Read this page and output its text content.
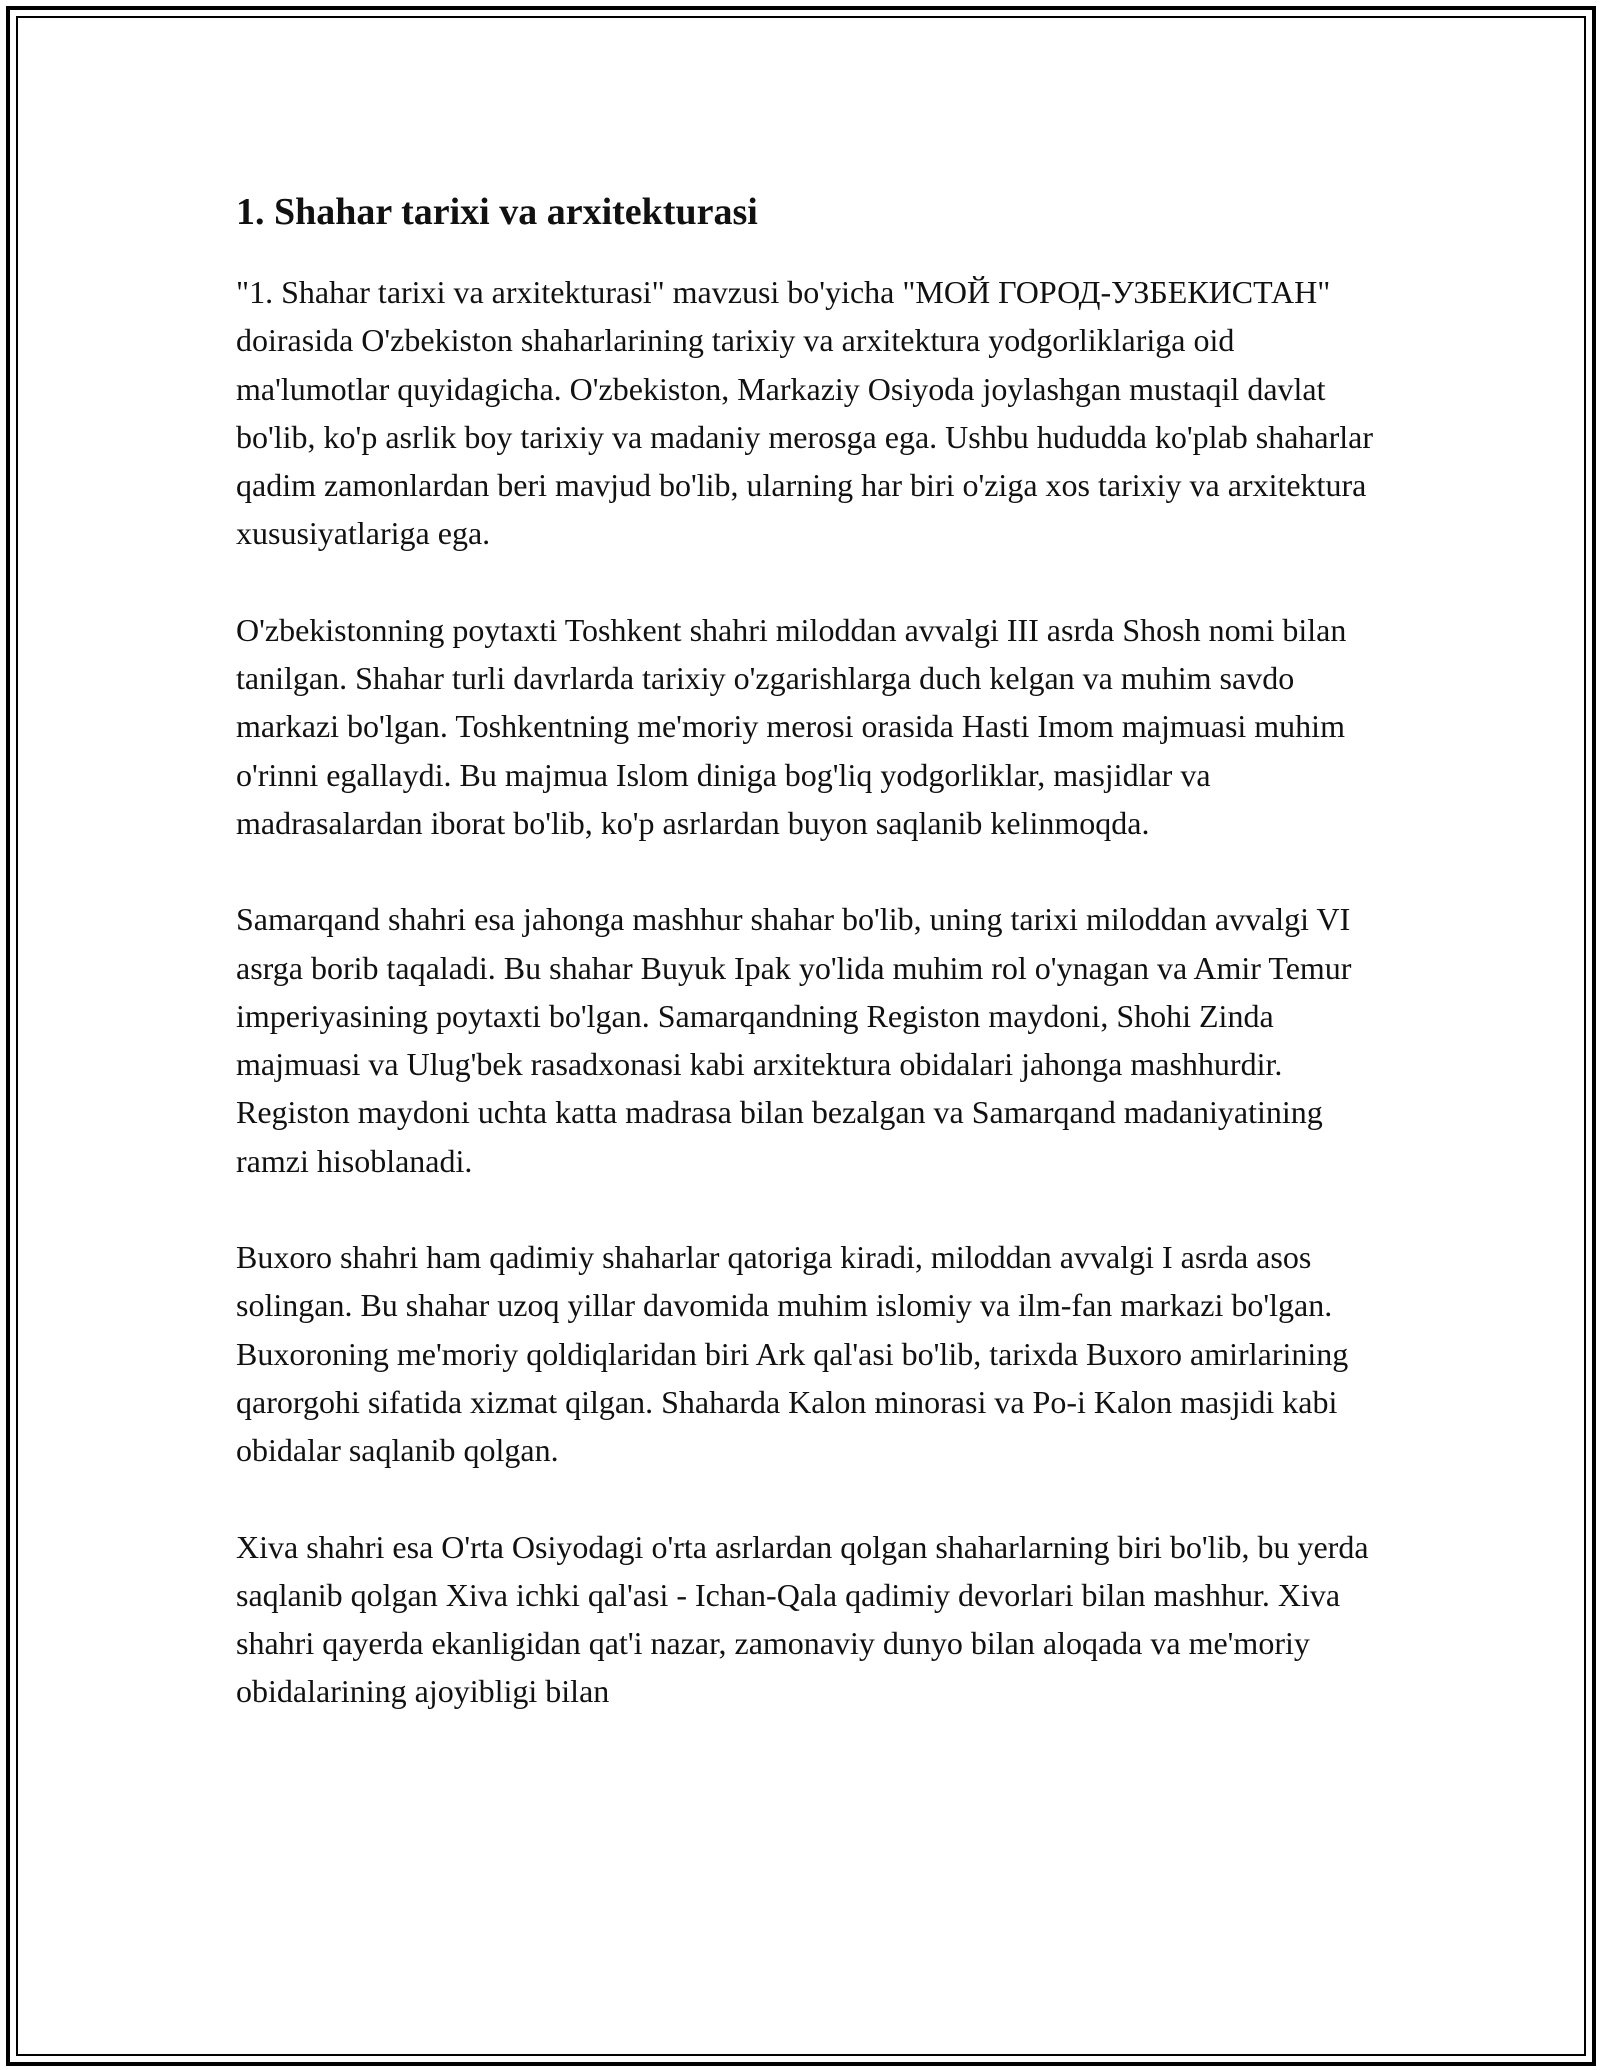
1. Shahar tarixi va arxitekturasi

"1. Shahar tarixi va arxitekturasi" mavzusi bo'yicha "МОЙ ГОРОД-УЗБЕКИСТАН" doirasida O'zbekiston shaharlarining tarixiy va arxitektura yodgorliklariga oid ma'lumotlar quyidagicha. O'zbekiston, Markaziy Osiyoda joylashgan mustaqil davlat bo'lib, ko'p asrlik boy tarixiy va madaniy merosga ega. Ushbu hududda ko'plab shaharlar qadim zamonlardan beri mavjud bo'lib, ularning har biri o'ziga xos tarixiy va arxitektura xususiyatlariga ega.

O'zbekistonning poytaxti Toshkent shahri miloddan avvalgi III asrda Shosh nomi bilan tanilgan. Shahar turli davrlarda tarixiy o'zgarishlarga duch kelgan va muhim savdo markazi bo'lgan. Toshkentning me'moriy merosi orasida Hasti Imom majmuasi muhim o'rinni egallaydi. Bu majmua Islom diniga bog'liq yodgorliklar, masjidlar va madrasalardan iborat bo'lib, ko'p asrlardan buyon saqlanib kelinmoqda.

Samarqand shahri esa jahonga mashhur shahar bo'lib, uning tarixi miloddan avvalgi VI asrga borib taqaladi. Bu shahar Buyuk Ipak yo'lida muhim rol o'ynagan va Amir Temur imperiyasining poytaxti bo'lgan. Samarqandning Registon maydoni, Shohi Zinda majmuasi va Ulug'bek rasadxonasi kabi arxitektura obidalari jahonga mashhurdir. Registon maydoni uchta katta madrasa bilan bezalgan va Samarqand madaniyatining ramzi hisoblanadi.

Buxoro shahri ham qadimiy shaharlar qatoriga kiradi, miloddan avvalgi I asrda asos solingan. Bu shahar uzoq yillar davomida muhim islomiy va ilm-fan markazi bo'lgan. Buxoroning me'moriy qoldiqlaridan biri Ark qal'asi bo'lib, tarixda Buxoro amirlarining qarorgohi sifatida xizmat qilgan. Shaharda Kalon minorasi va Po-i Kalon masjidi kabi obidalar saqlanib qolgan.

Xiva shahri esa O'rta Osiyodagi o'rta asrlardan qolgan shaharlarning biri bo'lib, bu yerda saqlanib qolgan Xiva ichki qal'asi - Ichan-Qala qadimiy devorlari bilan mashhur. Xiva shahri qayerda ekanligidan qat'i nazar, zamonaviy dunyo bilan aloqada va me'moriy obidalarining ajoyibligi bilan
